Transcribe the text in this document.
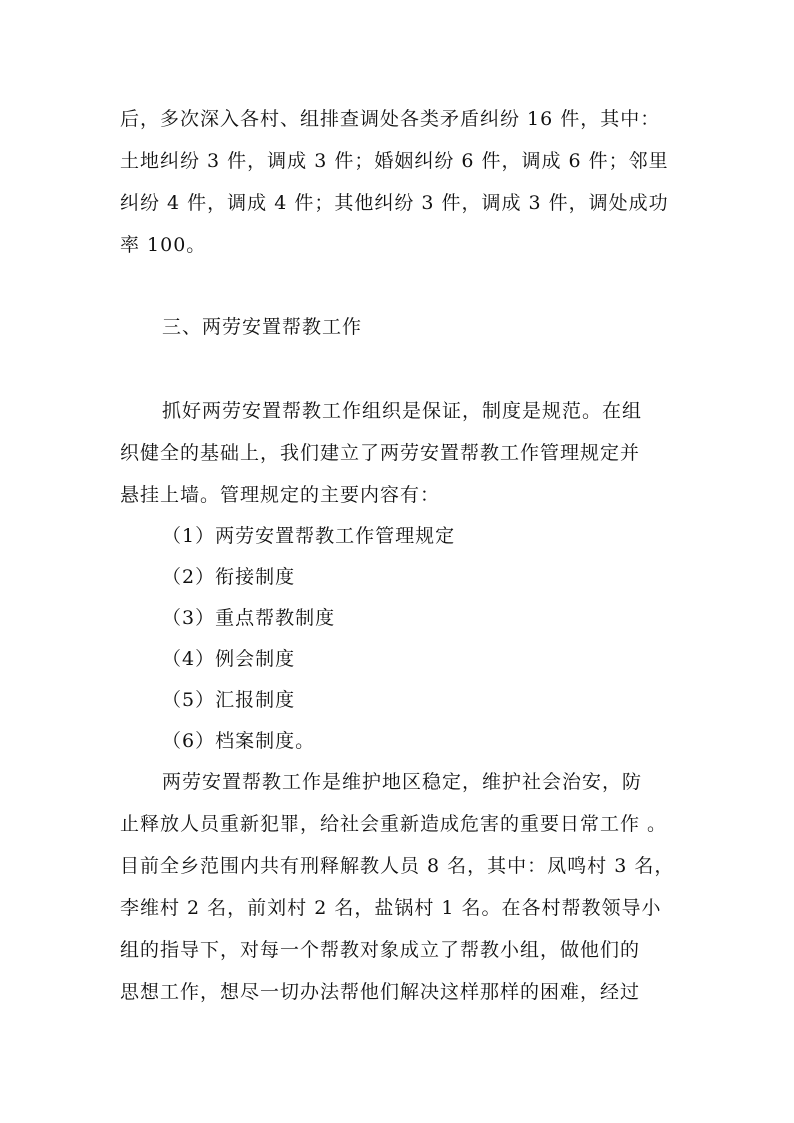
后，多次深入各村、组排查调处各类矛盾纠纷 16 件，其中：
土地纠纷 3 件，调成 3 件；婚姻纠纷 6 件，调成 6 件；邻里
纠纷 4 件，调成 4 件；其他纠纷 3 件，调成 3 件，调处成功
率 100。
三、两劳安置帮教工作
抓好两劳安置帮教工作组织是保证，制度是规范。在组
织健全的基础上，我们建立了两劳安置帮教工作管理规定并
悬挂上墙。管理规定的主要内容有：
（1）两劳安置帮教工作管理规定
（2）衔接制度
（3）重点帮教制度
（4）例会制度
（5）汇报制度
（6）档案制度。
两劳安置帮教工作是维护地区稳定，维护社会治安，防
止释放人员重新犯罪，给社会重新造成危害的重要日常工作 。
目前全乡范围内共有刑释解教人员 8 名，其中：凤鸣村 3 名，
李维村 2 名，前刘村 2 名，盐锅村 1 名。在各村帮教领导小
组的指导下，对每一个帮教对象成立了帮教小组，做他们的
思想工作，想尽一切办法帮他们解决这样那样的困难，经过
